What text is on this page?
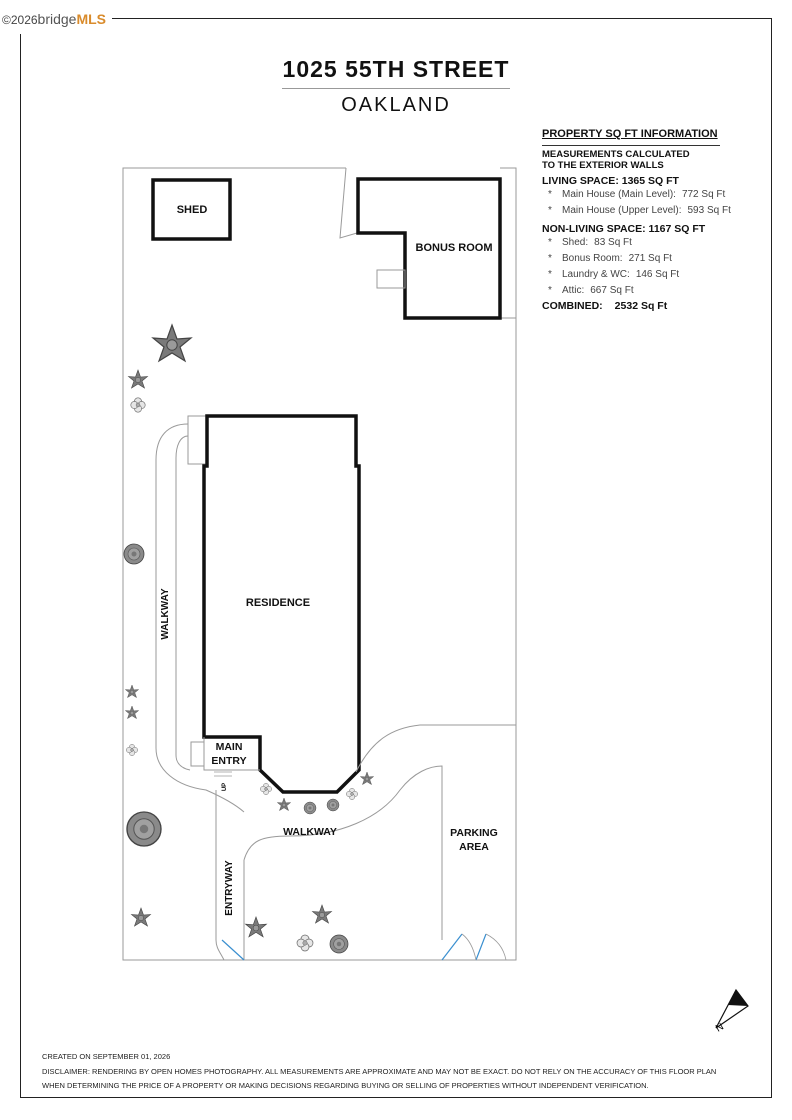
©2026bridgeMLS
1025 55TH STREET
OAKLAND
PROPERTY SQ FT INFORMATION
MEASUREMENTS CALCULATED
TO THE EXTERIOR WALLS
LIVING SPACE: 1365 SQ FT
* Main House (Main Level): 772 Sq Ft
* Main House (Upper Level): 593 Sq Ft
NON-LIVING SPACE: 1167 SQ FT
* Shed: 83 Sq Ft
* Bonus Room: 271 Sq Ft
* Laundry & WC: 146 Sq Ft
* Attic: 667 Sq Ft
COMBINED: 2532 Sq Ft
SHED
BONUS ROOM
WALKWAY	RESIDENCE
MAIN
ENTRY
UP
WALKWAY
ENTRYWAY
PARKING
AREA
N
CREATED ON SEPTEMBER 01, 2026
DISCLAIMER: RENDERING BY OPEN HOMES PHOTOGRAPHY. ALL MEASUREMENTS ARE APPROXIMATE AND MAY NOT BE EXACT. DO NOT RELY ON THE ACCURACY OF THIS FLOOR PLAN
WHEN DETERMINING THE PRICE OF A PROPERTY OR MAKING DECISIONS REGARDING BUYING OR SELLING OF PROPERTIES WITHOUT INDEPENDENT VERIFICATION.
